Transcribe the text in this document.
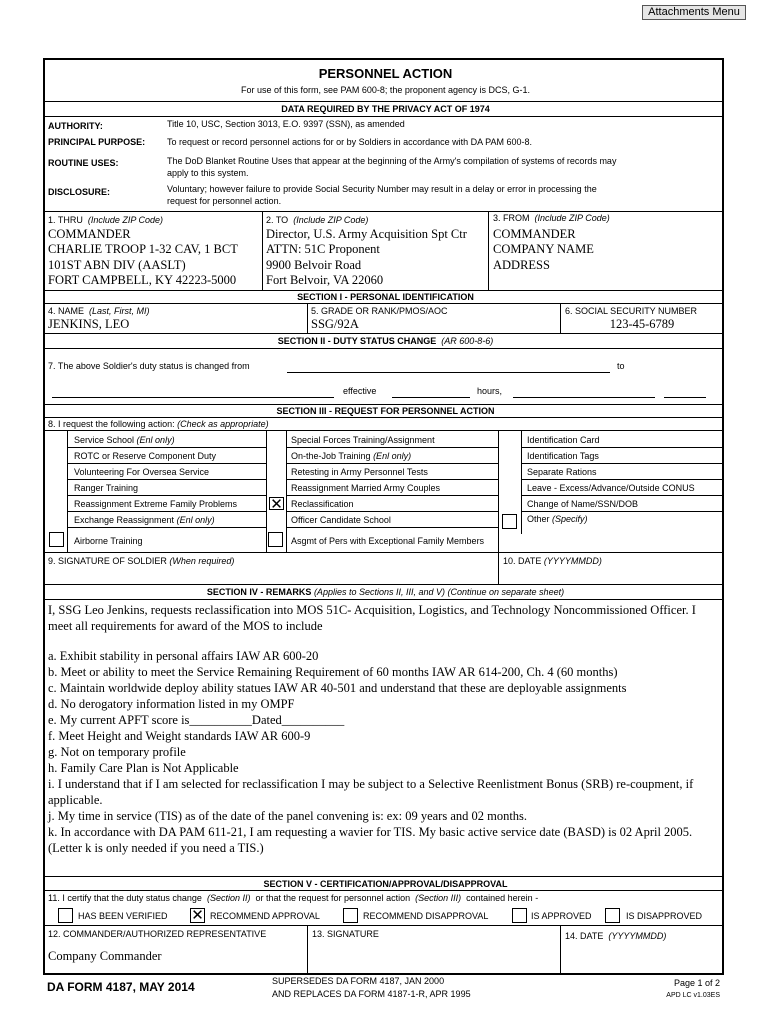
Attachments Menu
PERSONNEL ACTION
For use of this form, see PAM 600-8; the proponent agency is DCS, G-1.
DATA REQUIRED BY THE PRIVACY ACT OF 1974
AUTHORITY:	Title 10, USC, Section 3013, E.O. 9397 (SSN), as amended
PRINCIPAL PURPOSE: To request or record personnel actions for or by Soldiers in accordance with DA PAM 600-8.
ROUTINE USES:	The DoD Blanket Routine Uses that appear at the beginning of the Army's compilation of systems of records may
apply to this system.
DISCLOSURE:	Voluntary; however failure to provide Social Security Number may result in a delay or error in processing the
request for personnel action.
1. THRU (Include ZIP Code)
COMMANDER
CHARLIE TROOP 1-32 CAV, 1 BCT
101ST ABN DIV (AASLT)
FORT CAMPBELL, KY 42223-5000
2. TO (Include ZIP Code)
Director, U.S. Army Acquisition Spt Ctr
ATTN: 51C Proponent
9900 Belvoir Road
Fort Belvoir, VA 22060
3. FROM (Include ZIP Code)
COMMANDER
COMPANY NAME
ADDRESS
SECTION I - PERSONAL IDENTIFICATION
4. NAME (Last, First, MI)
JENKINS, LEO
5. GRADE OR RANK/PMOS/AOC
SSG/92A
6. SOCIAL SECURITY NUMBER
123-45-6789
SECTION II - DUTY STATUS CHANGE (AR 600-8-6)
7. The above Soldier's duty status is changed from	to
effective	hours,
SECTION III - REQUEST FOR PERSONNEL ACTION
8. I request the following action: (Check as appropriate)
Service School (Enl only)
ROTC or Reserve Component Duty
Volunteering For Oversea Service
Ranger Training
Reassignment Extreme Family Problems
Exchange Reassignment (Enl only)
Airborne Training
Special Forces Training/Assignment
On-the-Job Training (Enl only)
Retesting in Army Personnel Tests
Reassignment Married Army Couples
✕ Reclassification
Officer Candidate School
Asgmt of Pers with Exceptional Family Members
Identification Card
Identification Tags
Separate Rations
Leave - Excess/Advance/Outside CONUS
Change of Name/SSN/DOB
Other (Specify)
9. SIGNATURE OF SOLDIER (When required)	10. DATE (YYYYMMDD)
SECTION IV - REMARKS (Applies to Sections II, III, and V) (Continue on separate sheet)
I, SSG Leo Jenkins, requests reclassification into MOS 51C- Acquisition, Logistics, and Technology Noncommissioned Officer. I
meet all requirements for award of the MOS to include
a. Exhibit stability in personal affairs IAW AR 600-20
b. Meet or ability to meet the Service Remaining Requirement of 60 months IAW AR 614-200, Ch. 4 (60 months)
c. Maintain worldwide deploy ability statues IAW AR 40-501 and understand that these are deployable assignments
d. No derogatory information listed in my OMPF
e. My current APFT score is__________Dated__________
f. Meet Height and Weight standards IAW AR 600-9
g. Not on temporary profile
h. Family Care Plan is Not Applicable
i. I understand that if I am selected for reclassification I may be subject to a Selective Reenlistment Bonus (SRB) re-coupment, if
applicable.
j. My time in service (TIS) as of the date of the panel convening is: ex: 09 years and 02 months.
k. In accordance with DA PAM 611-21, I am requesting a wavier for TIS. My basic active service date (BASD) is 02 April 2005.
(Letter k is only needed if you need a TIS.)
SECTION V - CERTIFICATION/APPROVAL/DISAPPROVAL
11. I certify that the duty status change (Section II) or that the request for personnel action (Section III) contained herein -
HAS BEEN VERIFIED ✕ RECOMMEND APPROVAL	RECOMMEND DISAPPROVAL	IS APPROVED	IS DISAPPROVED
12. COMMANDER/AUTHORIZED REPRESENTATIVE
Company Commander
13. SIGNATURE	14. DATE (YYYYMMDD)
DA FORM 4187, MAY 2014	SUPERSEDES DA FORM 4187, JAN 2000
AND REPLACES DA FORM 4187-1-R, APR 1995
Page 1 of 2
APD LC v1.03ES
